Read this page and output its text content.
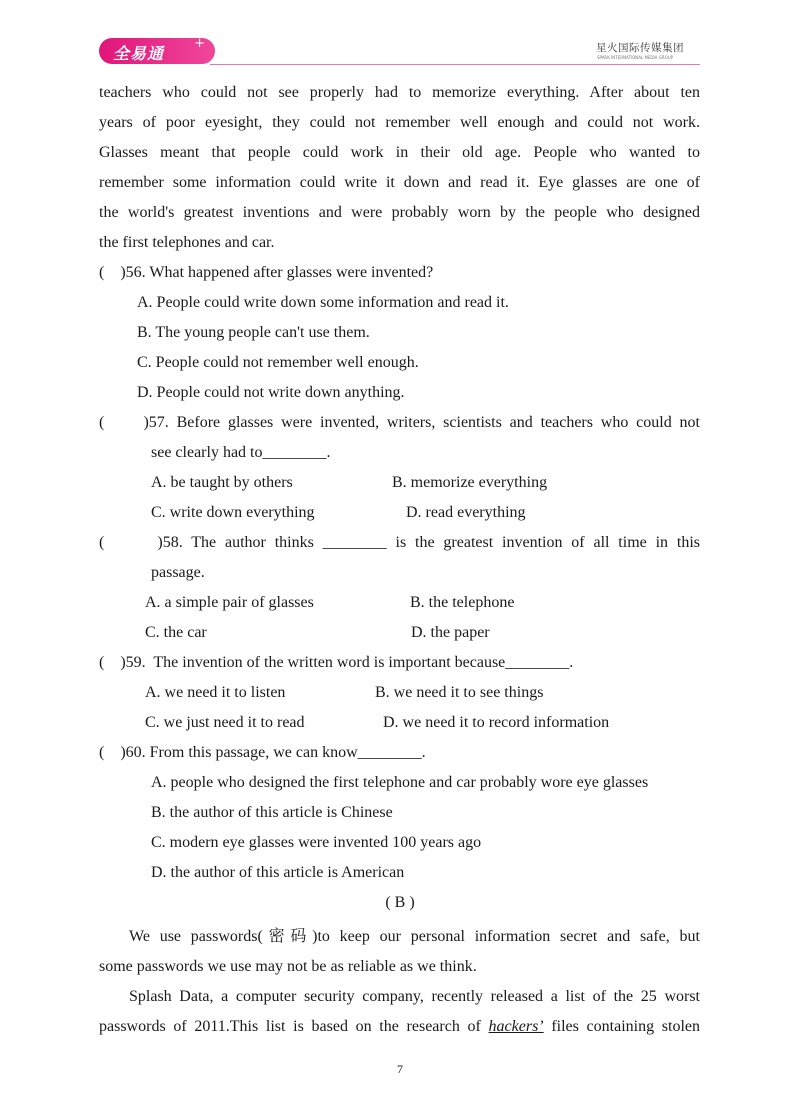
全易通
+	星火国际传媒集团
SPARK INTERNATIONAL MEDIA GROUP
teachers who could not see properly had to memorize everything. After about ten
years of poor eyesight, they could not remember well enough and could not work.
Glasses meant that people could work in their old age. People who wanted to
remember some information could write it down and read it. Eye glasses are one of
the world's greatest inventions and were probably worn by the people who designed
the first telephones and car.
(    )56. What happened after glasses were invented?
A. People could write down some information and read it.
B. The young people can't use them.
C. People could not remember well enough.
D. People could not write down anything.
(     )57. Before glasses were invented, writers, scientists and teachers who could not
see clearly had to________.
A. be taught by others	B. memorize everything
C. write down everything	D. read everything
(      )58. The author thinks ________ is the greatest invention of all time in this
passage.
A. a simple pair of glasses	B. the telephone
C. the car	D. the paper
(    )59.  The invention of the written word is important because________.
A. we need it to listen	B. we need it to see things
C. we just need it to read	D. we need it to record information
(    )60. From this passage, we can know________.
A. people who designed the first telephone and car probably wore eye glasses
B. the author of this article is Chinese
C. modern eye glasses were invented 100 years ago
D. the author of this article is American
( B )
We use passwords(密码)to keep our personal information secret and safe, but
some passwords we use may not be as reliable as we think.
Splash Data, a computer security company, recently released a list of the 25 worst
passwords of 2011.This list is based on the research of hackers’ files containing stolen
7
